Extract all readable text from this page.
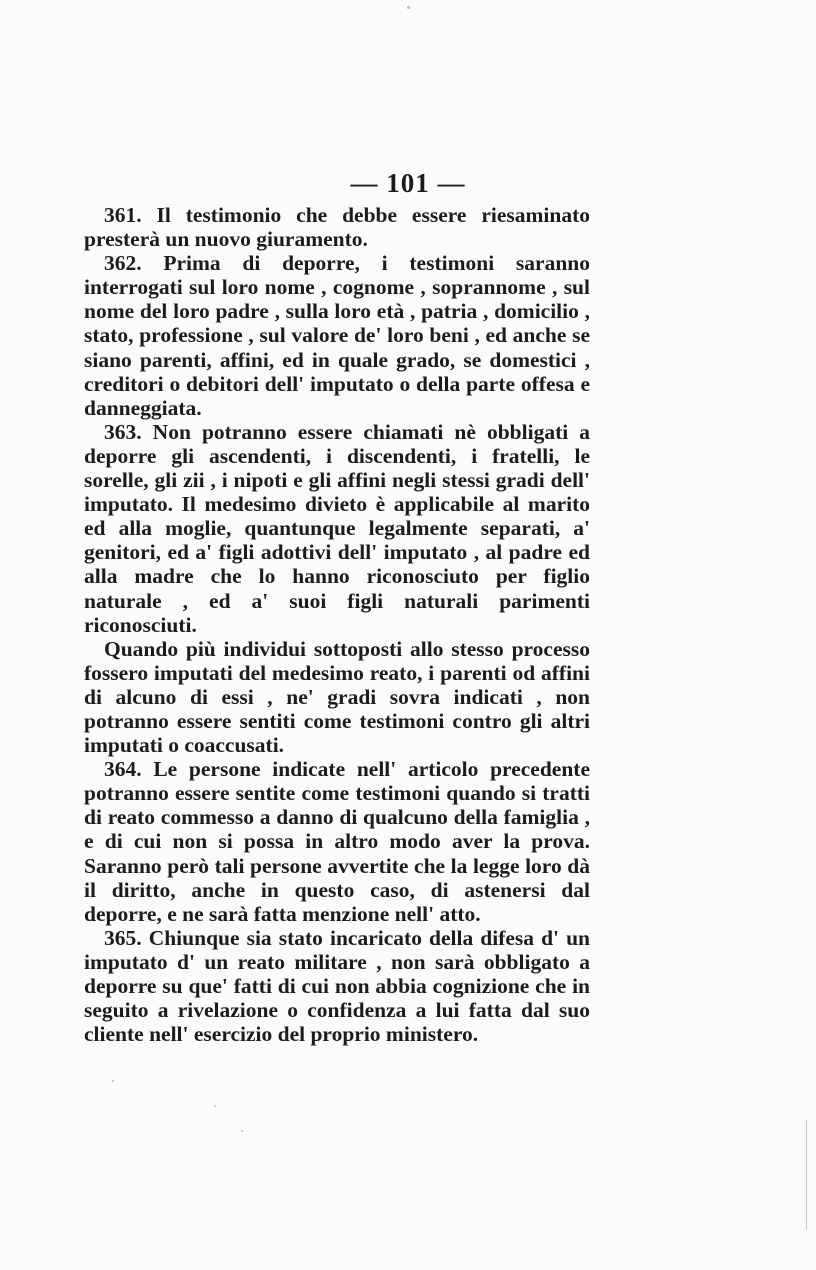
— 101 —

361. Il testimonio che debbe essere riesaminato presterà un nuovo giuramento.

362. Prima di deporre, i testimoni saranno interrogati sul loro nome , cognome , soprannome , sul nome del loro padre , sulla loro età , patria , domicilio , stato, professione , sul valore de' loro beni , ed anche se siano parenti, affini, ed in quale grado, se domestici , creditori o debitori dell' imputato o della parte offesa e danneggiata.

363. Non potranno essere chiamati nè obbligati a deporre gli ascendenti, i discendenti, i fratelli, le sorelle, gli zii , i nipoti e gli affini negli stessi gradi dell' imputato. Il medesimo divieto è applicabile al marito ed alla moglie, quantunque legalmente separati, a' genitori, ed a' figli adottivi dell' imputato , al padre ed alla madre che lo hanno riconosciuto per figlio naturale , ed a' suoi figli naturali parimenti riconosciuti.

Quando più individui sottoposti allo stesso processo fossero imputati del medesimo reato, i parenti od affini di alcuno di essi , ne' gradi sovra indicati , non potranno essere sentiti come testimoni contro gli altri imputati o coaccusati.

364. Le persone indicate nell' articolo precedente potranno essere sentite come testimoni quando si tratti di reato commesso a danno di qualcuno della famiglia , e di cui non si possa in altro modo aver la prova. Saranno però tali persone avvertite che la legge loro dà il diritto, anche in questo caso, di astenersi dal deporre, e ne sarà fatta menzione nell' atto.

365. Chiunque sia stato incaricato della difesa d' un imputato d' un reato militare , non sarà obbligato a deporre su que' fatti di cui non abbia cognizione che in seguito a rivelazione o confidenza a lui fatta dal suo cliente nell' esercizio del proprio ministero.
